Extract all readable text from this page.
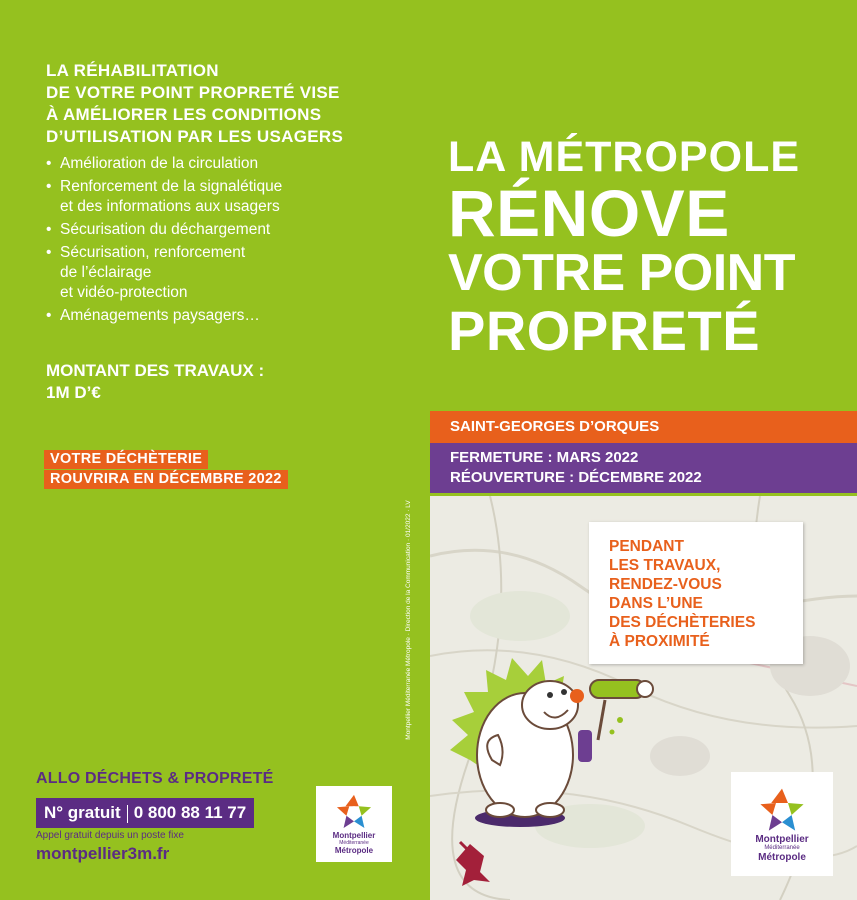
LA RÉHABILITATION
DE VOTRE POINT PROPRETÉ VISE
À AMÉLIORER LES CONDITIONS
D’UTILISATION PAR LES USAGERS
• Amélioration de la circulation
• Renforcement de la signalétique
et des informations aux usagers
• Sécurisation du déchargement
• Sécurisation, renforcement
de l’éclairage
et vidéo-protection
• Aménagements paysagers…
MONTANT DES TRAVAUX :
1M D’€
VOTRE DÉCHÈTERIE
ROUVRIRA EN DÉCEMBRE 2022
Montpellier Méditerranée Métropole · Direction de la Communication · 01/2022 · LV
ALLO DÉCHETS & PROPRETÉ
N° gratuit 0 800 88 11 77
Appel gratuit depuis un poste fixe
montpellier3m.fr
Montpellier
Méditerranée
Métropole
LA MÉTROPOLE
RÉNOVE
VOTRE POINT
PROPRETÉ
SAINT-GEORGES D’ORQUES
FERMETURE : MARS 2022
RÉOUVERTURE : DÉCEMBRE 2022
PENDANT
LES TRAVAUX,
RENDEZ-VOUS
DANS L’UNE
DES DÉCHÈTERIES
À PROXIMITÉ
Montpellier
Méditerranée
Métropole
